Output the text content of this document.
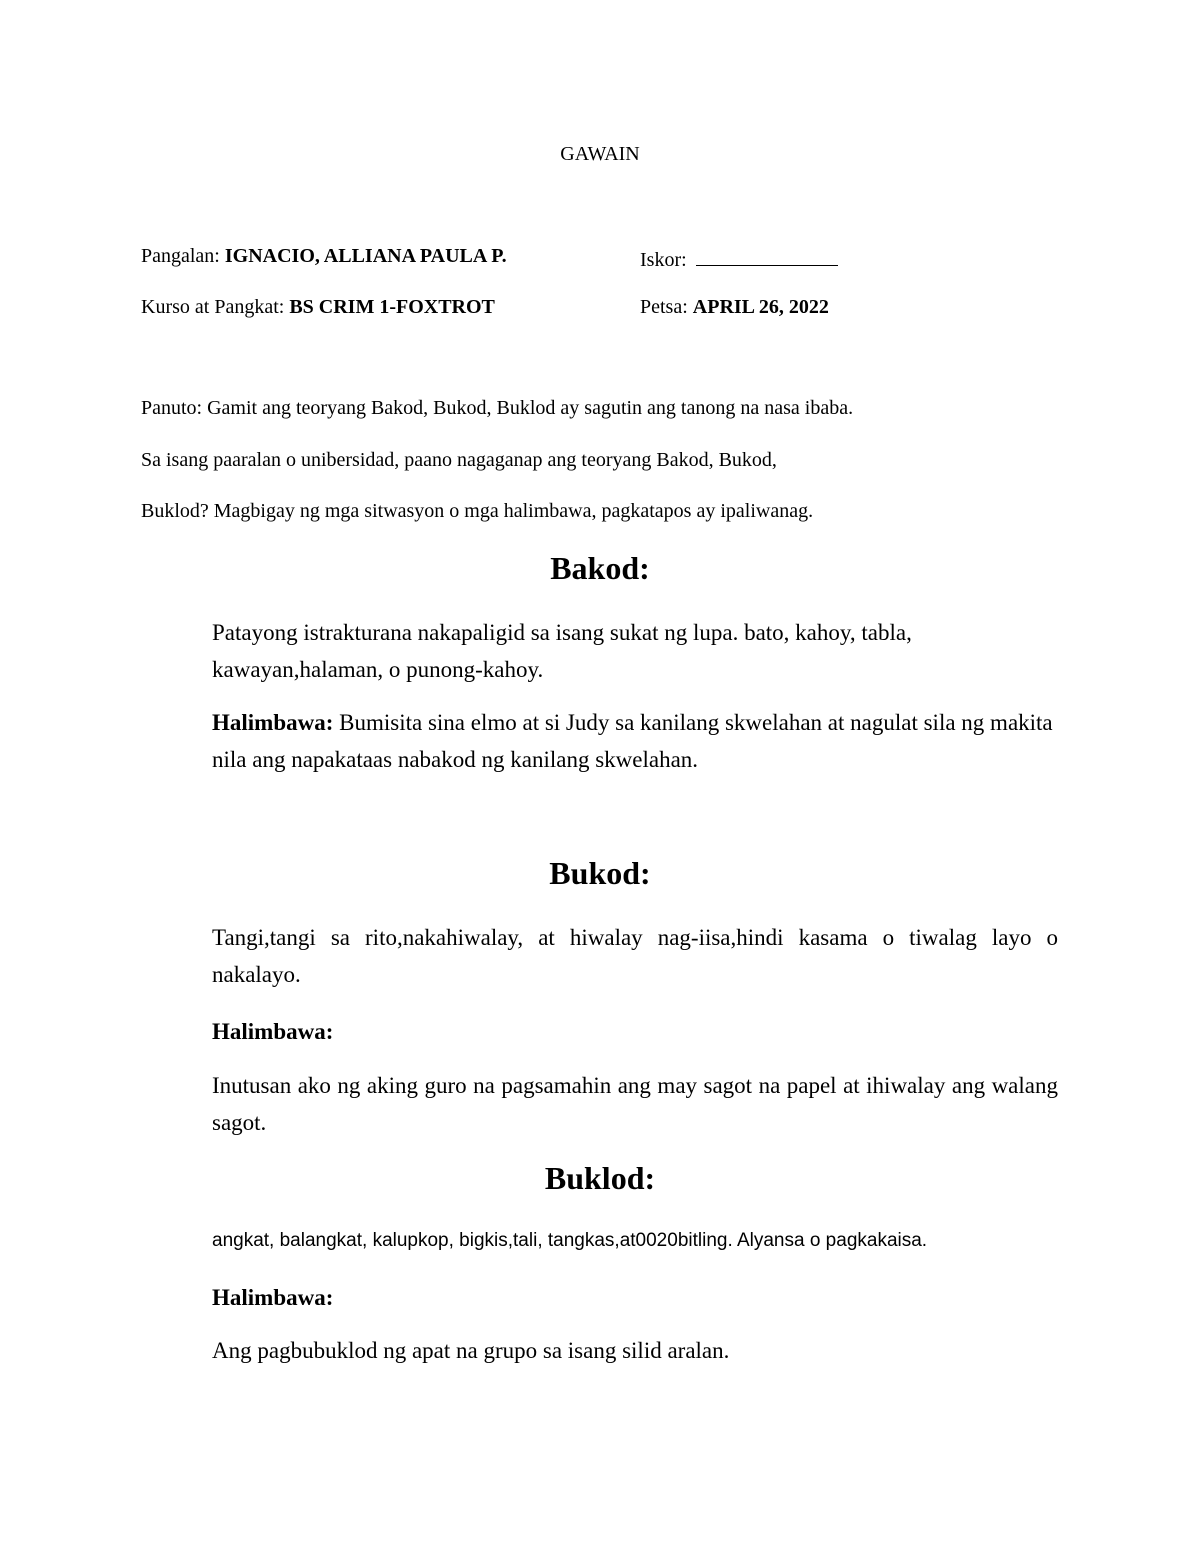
GAWAIN
Pangalan: IGNACIO, ALLIANA PAULA P.	Iskor:
Kurso at Pangkat: BS CRIM 1-FOXTROT	Petsa: APRIL 26, 2022
Panuto: Gamit ang teoryang Bakod, Bukod, Buklod ay sagutin ang tanong na nasa ibaba.
Sa isang paaralan o unibersidad, paano nagaganap ang teoryang Bakod, Bukod,
Buklod? Magbigay ng mga sitwasyon o mga halimbawa, pagkatapos ay ipaliwanag.
Bakod:
Patayong istrakturana nakapaligid sa isang sukat ng lupa. bato, kahoy, tabla, kawayan,halaman, o punong-kahoy.
Halimbawa: Bumisita sina elmo at si Judy sa kanilang skwelahan at nagulat sila ng makita nila ang napakataas nabakod ng kanilang skwelahan.
Bukod:
Tangi,tangi sa rito,nakahiwalay, at hiwalay nag-iisa,hindi kasama o tiwalag layo o nakalayo.
Halimbawa:
Inutusan ako ng aking guro na pagsamahin ang may sagot na papel at ihiwalay ang walang sagot.
Buklod:
angkat, balangkat, kalupkop, bigkis,tali, tangkas,at0020bitling. Alyansa o pagkakaisa.
Halimbawa:
Ang pagbubuklod ng apat na grupo sa isang silid aralan.
